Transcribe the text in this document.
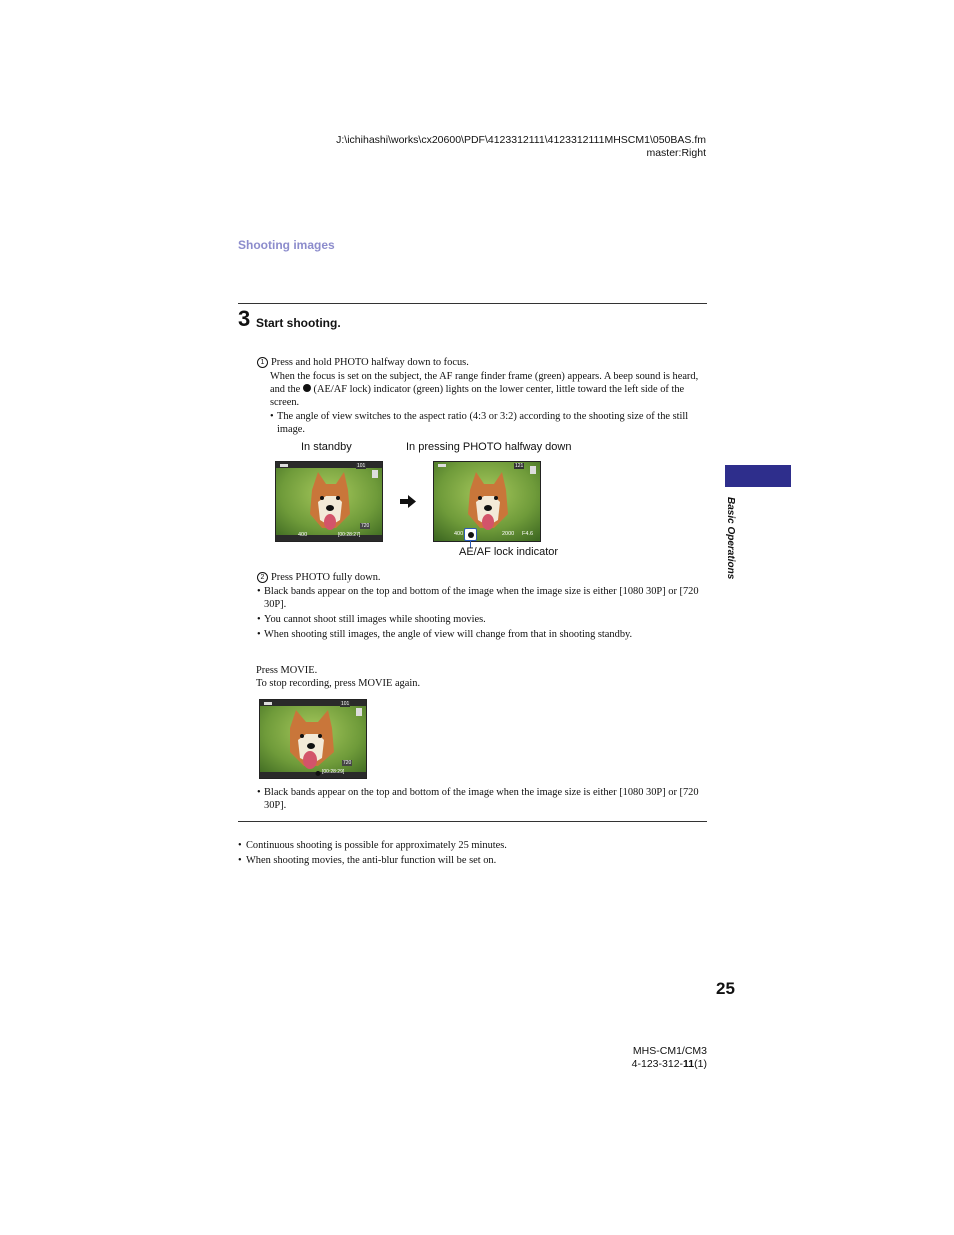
J:\ichihashi\works\cx20600\PDF\4123312111\4123312111MHSCM1\050BAS.fm
master:Right
Shooting images
3 Start shooting.
1 Press and hold PHOTO halfway down to focus.
When the focus is set on the subject, the AF range finder frame (green) appears. A beep sound is heard, and the (AE/AF lock) indicator (green) lights on the lower center, little toward the left side of the screen.
• The angle of view switches to the aspect ratio (4:3 or 3:2) according to the shooting size of the still image.
In standby	In pressing PHOTO halfway down
101
400	[00:28:27]
720
121
400	2000 F4.6
AE/AF lock indicator
2 Press PHOTO fully down.
• Black bands appear on the top and bottom of the image when the image size is either [1080 30P] or [720 30P].
• You cannot shoot still images while shooting movies.
• When shooting still images, the angle of view will change from that in shooting standby.
Press MOVIE.
To stop recording, press MOVIE again.
101
720
[00:28:29]
• Black bands appear on the top and bottom of the image when the image size is either [1080 30P] or [720 30P].
• Continuous shooting is possible for approximately 25 minutes.
• When shooting movies, the anti-blur function will be set on.
Basic Operations
25
MHS-CM1/CM3
4-123-312-11(1)
